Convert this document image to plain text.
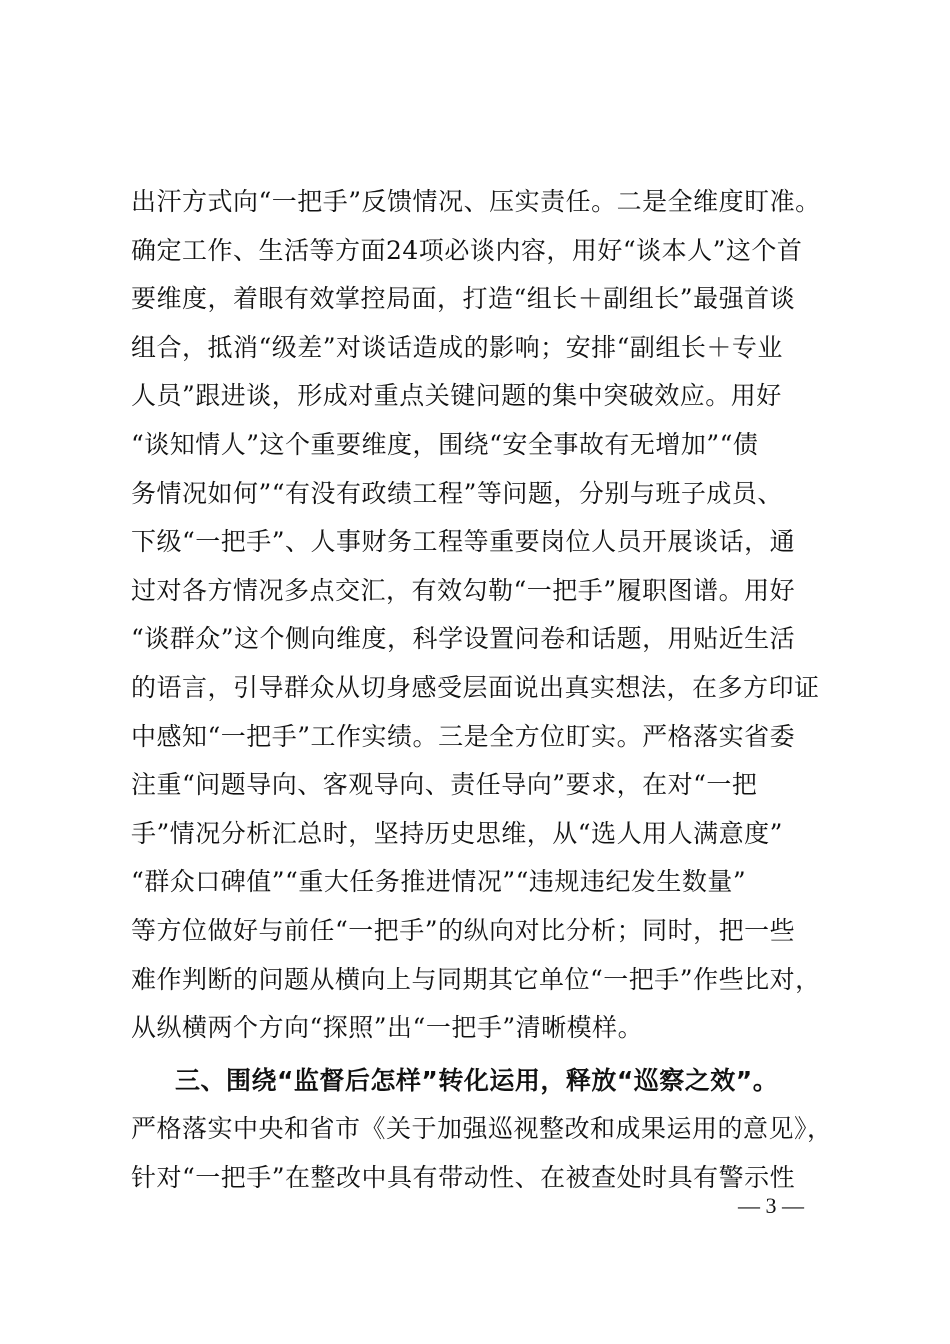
出汗方式向“一把手”反馈情况、压实责任。二是全维度盯准。
确定工作、生活等方面24项必谈内容，用好“谈本人”这个首
要维度，着眼有效掌控局面，打造“组长＋副组长”最强首谈
组合，抵消“级差”对谈话造成的影响；安排“副组长＋专业
人员”跟进谈，形成对重点关键问题的集中突破效应。用好
“谈知情人”这个重要维度，围绕“安全事故有无增加”“债
务情况如何”“有没有政绩工程”等问题，分别与班子成员、
下级“一把手”、人事财务工程等重要岗位人员开展谈话，通
过对各方情况多点交汇，有效勾勒“一把手”履职图谱。用好
“谈群众”这个侧向维度，科学设置问卷和话题，用贴近生活
的语言，引导群众从切身感受层面说出真实想法，在多方印证
中感知“一把手”工作实绩。三是全方位盯实。严格落实省委
注重“问题导向、客观导向、责任导向”要求，在对“一把
手”情况分析汇总时，坚持历史思维，从“选人用人满意度”
“群众口碑值”“重大任务推进情况”“违规违纪发生数量”
等方位做好与前任“一把手”的纵向对比分析；同时，把一些
难作判断的问题从横向上与同期其它单位“一把手”作些比对，
从纵横两个方向“探照”出“一把手”清晰模样。
三、围绕“监督后怎样”转化运用，释放“巡察之效”。
严格落实中央和省市《关于加强巡视整改和成果运用的意见》，
针对“一把手”在整改中具有带动性、在被查处时具有警示性
— 3 —
